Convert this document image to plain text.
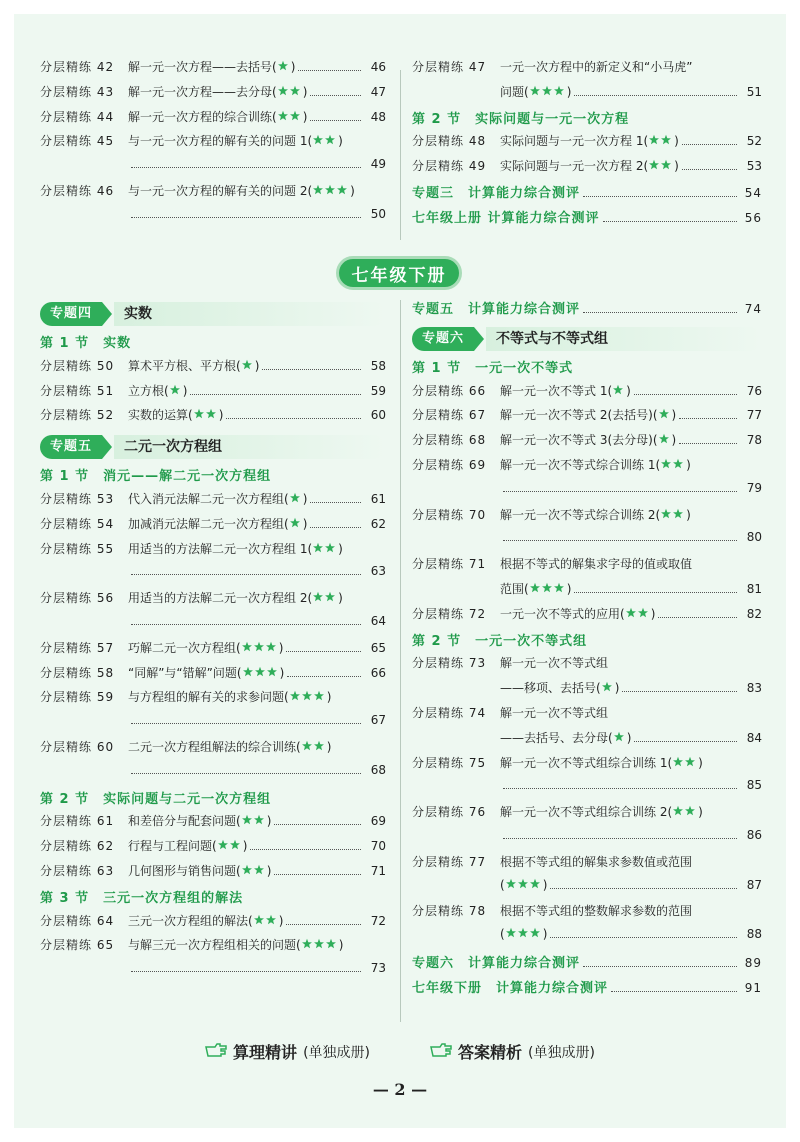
分层精练 42	解一元一次方程——去括号(	)	46
分层精练 43	解一元一次方程——去分母(	)	47
分层精练 44	解一元一次方程的综合训练(	)	48
分层精练 45	与一元一次方程的解有关的问题 1(	)
49
分层精练 46	与一元一次方程的解有关的问题 2(	)
50
分层精练 47	一元一次方程中的新定义和“小马虎”
问题(	)	51
第 2 节　实际问题与一元一次方程
分层精练 48	实际问题与一元一次方程 1(	)	52
分层精练 49	实际问题与一元一次方程 2(	)	53
专题三　计算能力综合测评	54
七年级上册 计算能力综合测评	56
七年级下册
专题四	实数
第 1 节　实数
分层精练 50	算术平方根、平方根(	)	58
分层精练 51	立方根(	)	59
分层精练 52	实数的运算(	)	60
专题五	二元一次方程组
第 1 节　消元——解二元一次方程组
分层精练 53	代入消元法解二元一次方程组(	)	61
分层精练 54	加减消元法解二元一次方程组(	)	62
分层精练 55	用适当的方法解二元一次方程组 1(	)
63
分层精练 56	用适当的方法解二元一次方程组 2(	)
64
分层精练 57	巧解二元一次方程组(	)	65
分层精练 58	“同解”与“错解”问题(	)	66
分层精练 59	与方程组的解有关的求参问题(	)
67
分层精练 60	二元一次方程组解法的综合训练(	)
68
第 2 节　实际问题与二元一次方程组
分层精练 61	和差倍分与配套问题(	)	69
分层精练 62	行程与工程问题(	)	70
分层精练 63	几何图形与销售问题(	)	71
第 3 节　三元一次方程组的解法
分层精练 64	三元一次方程组的解法(	)	72
分层精练 65	与解三元一次方程组相关的问题(	)
73
专题五　计算能力综合测评	74
专题六	不等式与不等式组
第 1 节　一元一次不等式
分层精练 66	解一元一次不等式 1(	)	76
分层精练 67	解一元一次不等式 2(去括号)(	)	77
分层精练 68	解一元一次不等式 3(去分母)(	)	78
分层精练 69	解一元一次不等式综合训练 1(	)
79
分层精练 70	解一元一次不等式综合训练 2(	)
80
分层精练 71	根据不等式的解集求字母的值或取值
范围(	)	81
分层精练 72	一元一次不等式的应用(	)	82
第 2 节　一元一次不等式组
分层精练 73	解一元一次不等式组
——移项、去括号(	)	83
分层精练 74	解一元一次不等式组
——去括号、去分母(	)	84
分层精练 75	解一元一次不等式组综合训练 1(	)
85
分层精练 76	解一元一次不等式组综合训练 2(	)
86
分层精练 77	根据不等式组的解集求参数值或范围
(	)	87
分层精练 78	根据不等式组的整数解求参数的范围
(	)	88
专题六　计算能力综合测评	89
七年级下册　计算能力综合测评	91
算理精讲 (单独成册)	答案精析 (单独成册)
— 2 —
